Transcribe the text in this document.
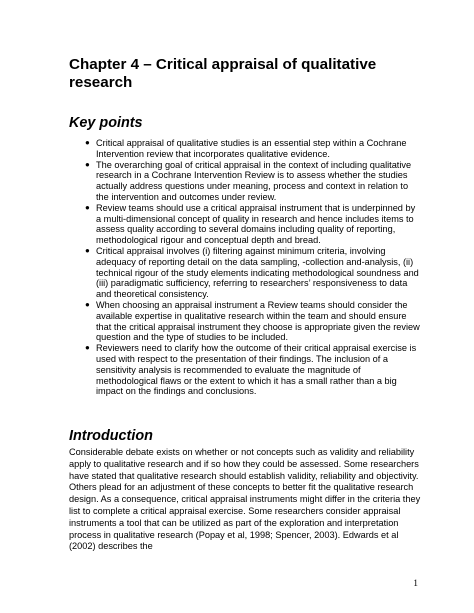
Chapter 4 – Critical appraisal of qualitative research
Key points
● Critical appraisal of qualitative studies is an essential step within a Cochrane Intervention review that incorporates qualitative evidence.
● The overarching goal of critical appraisal in the context of including qualitative research in a Cochrane Intervention Review is to assess whether the studies actually address questions under meaning, process and context in relation to the intervention and outcomes under review.
● Review teams should use a critical appraisal instrument that is underpinned by a multi-dimensional concept of quality in research and hence includes items to assess quality according to several domains including quality of reporting, methodological rigour and conceptual depth and bread.
● Critical appraisal involves (i) filtering against minimum criteria, involving adequacy of reporting detail on the data sampling, -collection and-analysis, (ii) technical rigour of the study elements indicating methodological soundness and (iii) paradigmatic sufficiency, referring to researchers’ responsiveness to data and theoretical consistency.
● When choosing an appraisal instrument a Review teams should consider the available expertise in qualitative research within the team and should ensure that the critical appraisal instrument they choose is appropriate given the review question and the type of studies to be included.
● Reviewers need to clarify how the outcome of their critical appraisal exercise is used with respect to the presentation of their findings. The inclusion of a sensitivity analysis is recommended to evaluate the magnitude of methodological flaws or the extent to which it has a small rather than a big impact on the findings and conclusions.
Introduction

Considerable debate exists on whether or not concepts such as validity and reliability apply to qualitative research and if so how they could be assessed. Some researchers have stated that qualitative research should establish validity, reliability and objectivity. Others plead for an adjustment of these concepts to better fit the qualitative research design. As a consequence, critical appraisal instruments might differ in the criteria they list to complete a critical appraisal exercise. Some researchers consider appraisal instruments a tool that can be utilized as part of the exploration and interpretation process in qualitative research (Popay et al, 1998; Spencer, 2003). Edwards et al (2002) describes the

1
